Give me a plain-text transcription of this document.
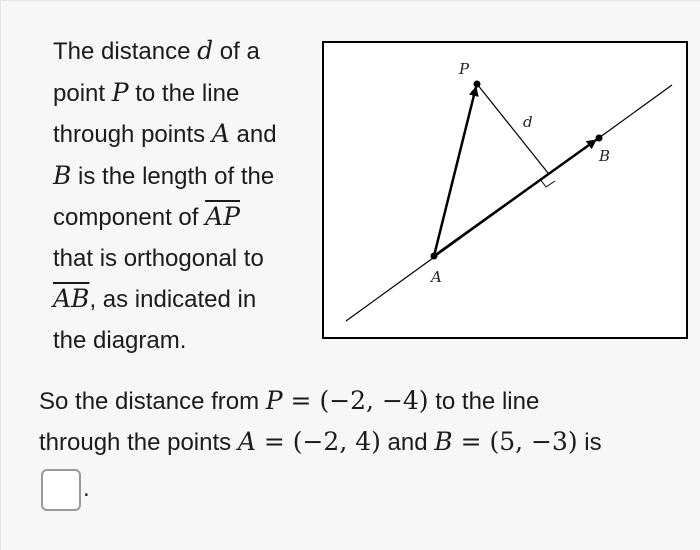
The distance d of a
point P to the line
through points A and
B is the length of the
component of $\overline{AP}$
that is orthogonal to
$\overline{AB}$, as indicated in
the diagram.
P
A
B
d
So the distance from P = (−2, −4) to the line
through the points A = (−2, 4) and B = (5, −3) is
.
